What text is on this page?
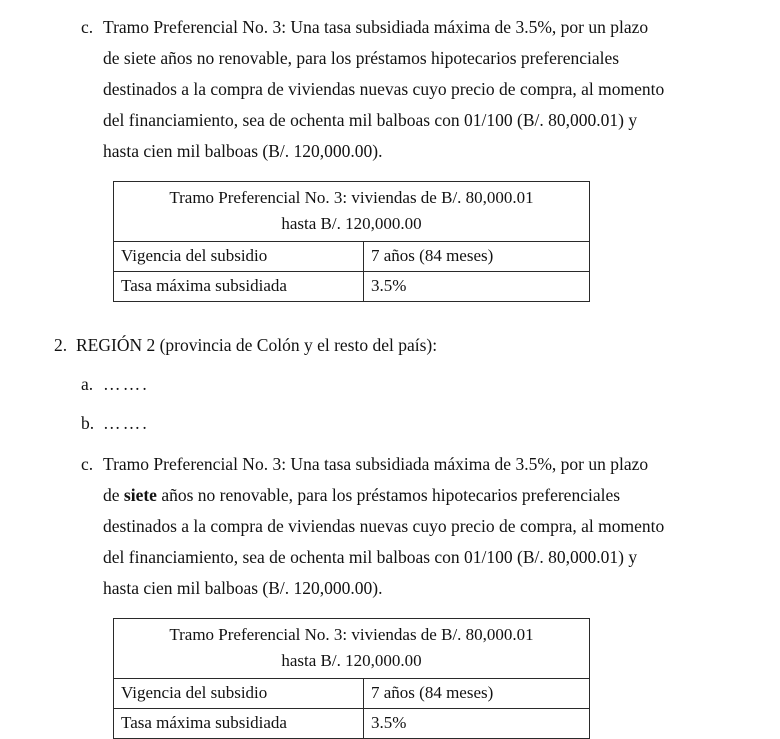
c. Tramo Preferencial No. 3: Una tasa subsidiada máxima de 3.5%, por un plazo
de siete años no renovable, para los préstamos hipotecarios preferenciales
destinados a la compra de viviendas nuevas cuyo precio de compra, al momento
del financiamiento, sea de ochenta mil balboas con 01/100 (B/. 80,000.01) y
hasta cien mil balboas (B/. 120,000.00).
Tramo Preferencial No. 3: viviendas de B/. 80,000.01
hasta B/. 120,000.00	
Vigencia del subsidio	7 años (84 meses)
Tasa máxima subsidiada	3.5%
2. REGIÓN 2 (provincia de Colón y el resto del país):
a. …….
b. …….
c. Tramo Preferencial No. 3: Una tasa subsidiada máxima de 3.5%, por un plazo
de siete años no renovable, para los préstamos hipotecarios preferenciales
destinados a la compra de viviendas nuevas cuyo precio de compra, al momento
del financiamiento, sea de ochenta mil balboas con 01/100 (B/. 80,000.01) y
hasta cien mil balboas (B/. 120,000.00).
Tramo Preferencial No. 3: viviendas de B/. 80,000.01
hasta B/. 120,000.00	
Vigencia del subsidio	7 años (84 meses)
Tasa máxima subsidiada	3.5%
